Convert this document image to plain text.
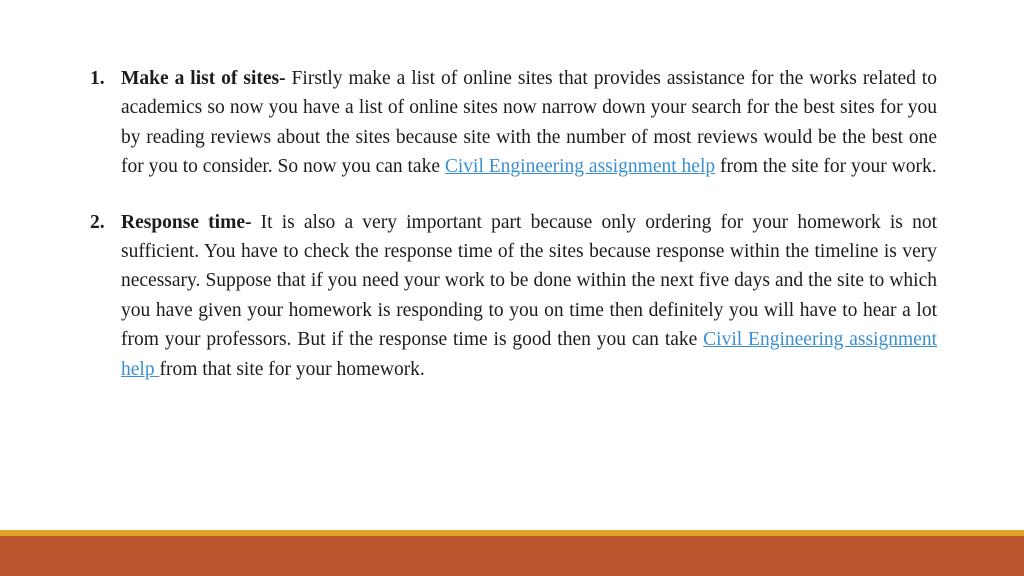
1. Make a list of sites- Firstly make a list of online sites that provides assistance for the works related to academics so now you have a list of online sites now narrow down your search for the best sites for you by reading reviews about the sites because site with the number of most reviews would be the best one for you to consider. So now you can take Civil Engineering assignment help from the site for your work.
2. Response time- It is also a very important part because only ordering for your homework is not sufficient. You have to check the response time of the sites because response within the timeline is very necessary. Suppose that if you need your work to be done within the next five days and the site to which you have given your homework is responding to you on time then definitely you will have to hear a lot from your professors. But if the response time is good then you can take Civil Engineering assignment help from that site for your homework.
